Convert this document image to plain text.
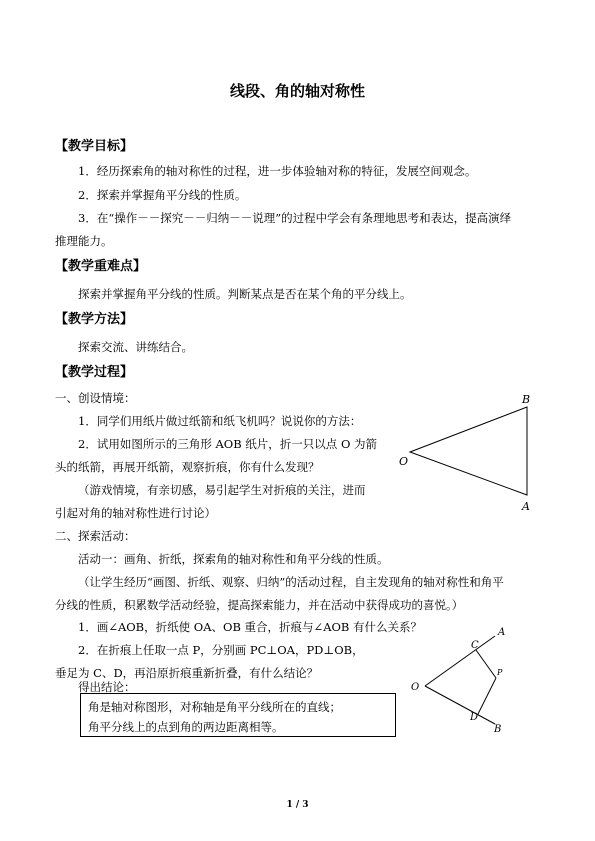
线段、角的轴对称性
【教学目标】
1．经历探索角的轴对称性的过程，进一步体验轴对称的特征，发展空间观念。
2．探索并掌握角平分线的性质。
3．在“操作－－探究－－归纳－－说理”的过程中学会有条理地思考和表达，提高演绎
推理能力。
【教学重难点】
探索并掌握角平分线的性质。判断某点是否在某个角的平分线上。
【教学方法】
探索交流、讲练结合。
【教学过程】
一、创设情境：
1．同学们用纸片做过纸箭和纸飞机吗？说说你的方法：
2．试用如图所示的三角形 AOB 纸片，折一只以点 O 为箭
头的纸箭，再展开纸箭，观察折痕，你有什么发现？
（游戏情境，有亲切感，易引起学生对折痕的关注，进而
引起对角的轴对称性进行讨论）
二、探索活动：
活动一：画角、折纸，探索角的轴对称性和角平分线的性质。
（让学生经历“画图、折纸、观察、归纳”的活动过程，自主发现角的轴对称性和角平
分线的性质，积累数学活动经验，提高探索能力，并在活动中获得成功的喜悦。）
1．画∠AOB，折纸使 OA、OB 重合，折痕与∠AOB 有什么关系？
2．在折痕上任取一点 P，分别画 PC⊥OA，PD⊥OB，
垂足为 C、D，再沿原折痕重新折叠，有什么结论？
得出结论：
角是轴对称图形，对称轴是角平分线所在的直线；
角平分线上的点到角的两边距离相等。
B
O
A
A
C
O
P
D
B
1 / 3
